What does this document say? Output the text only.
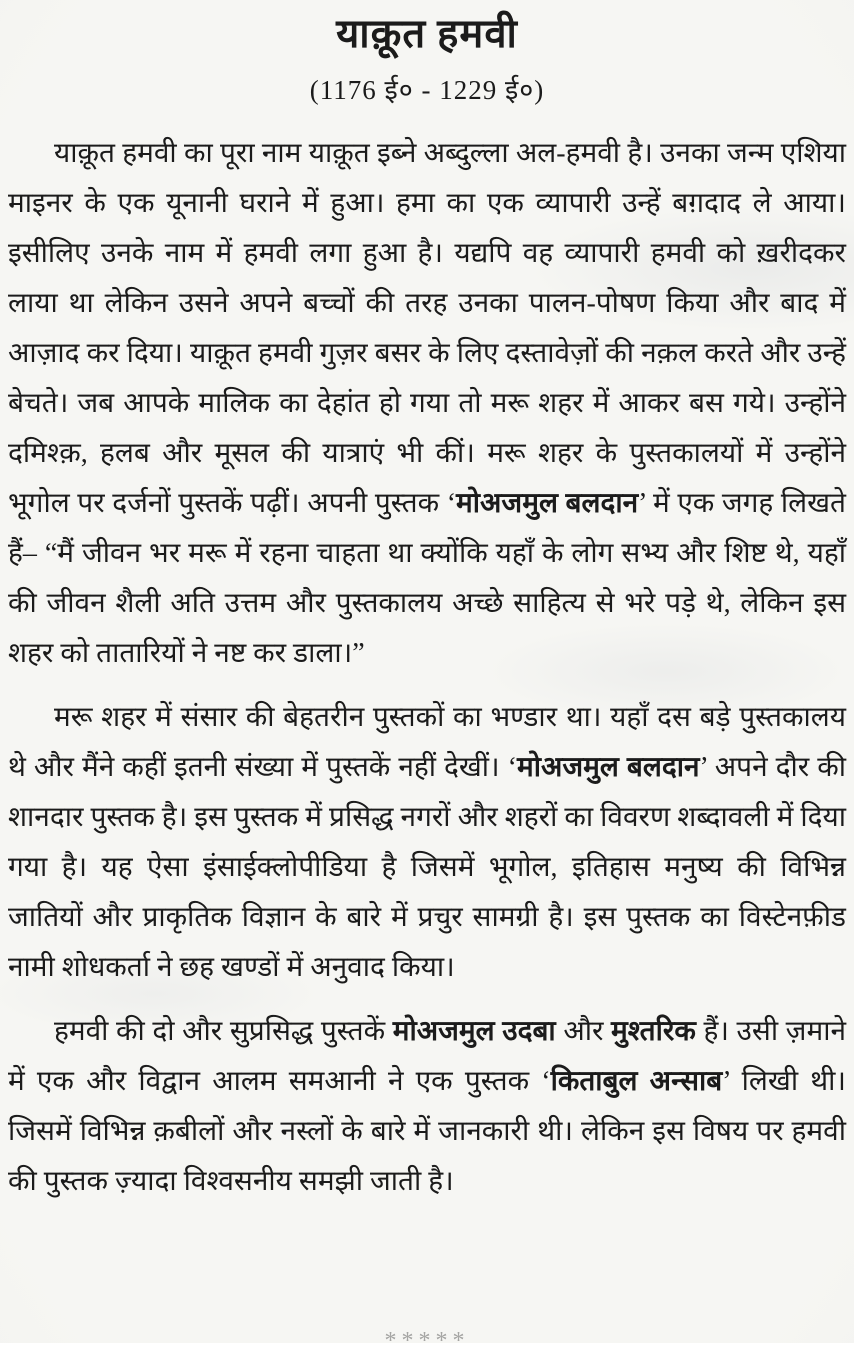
याक़ूत हमवी
(1176 ई० - 1229 ई०)

याक़ूत हमवी का पूरा नाम याक़ूत इब्ने अब्दुल्ला अल-हमवी है। उनका जन्म एशिया माइनर के एक यूनानी घराने में हुआ। हमा का एक व्यापारी उन्हें बग़दाद ले आया। इसीलिए उनके नाम में हमवी लगा हुआ है। यद्यपि वह व्यापारी हमवी को ख़रीदकर लाया था लेकिन उसने अपने बच्चों की तरह उनका पालन-पोषण किया और बाद में आज़ाद कर दिया। याक़ूत हमवी गुज़र बसर के लिए दस्तावेज़ों की नक़ल करते और उन्हें बेचते। जब आपके मालिक का देहांत हो गया तो मरू शहर में आकर बस गये। उन्होंने दमिश्क़, हलब और मूसल की यात्राएं भी कीं। मरू शहर के पुस्तकालयों में उन्होंने भूगोल पर दर्जनों पुस्तकें पढ़ीं। अपनी पुस्तक ‘मोअजमुल बलदान’ में एक जगह लिखते हैं– “मैं जीवन भर मरू में रहना चाहता था क्योंकि यहाँ के लोग सभ्य और शिष्ट थे, यहाँ की जीवन शैली अति उत्तम और पुस्तकालय अच्छे साहित्य से भरे पड़े थे, लेकिन इस शहर को तातारियों ने नष्ट कर डाला।”

मरू शहर में संसार की बेहतरीन पुस्तकों का भण्डार था। यहाँ दस बड़े पुस्तकालय थे और मैंने कहीं इतनी संख्या में पुस्तकें नहीं देखीं। ‘मोअजमुल बलदान’ अपने दौर की शानदार पुस्तक है। इस पुस्तक में प्रसिद्ध नगरों और शहरों का विवरण शब्दावली में दिया गया है। यह ऐसा इंसाईक्लोपीडिया है जिसमें भूगोल, इतिहास मनुष्य की विभिन्न जातियों और प्राकृतिक विज्ञान के बारे में प्रचुर सामग्री है। इस पुस्तक का विस्टेनफ़ीड नामी शोधकर्ता ने छह खण्डों में अनुवाद किया।

हमवी की दो और सुप्रसिद्ध पुस्तकें मोअजमुल उदबा और मुश्तरिक हैं। उसी ज़माने में एक और विद्वान आलम समआनी ने एक पुस्तक ‘किताबुल अन्साब’ लिखी थी। जिसमें विभिन्न क़बीलों और नस्लों के बारे में जानकारी थी। लेकिन इस विषय पर हमवी की पुस्तक ज़्यादा विश्वसनीय समझी जाती है।

*****
